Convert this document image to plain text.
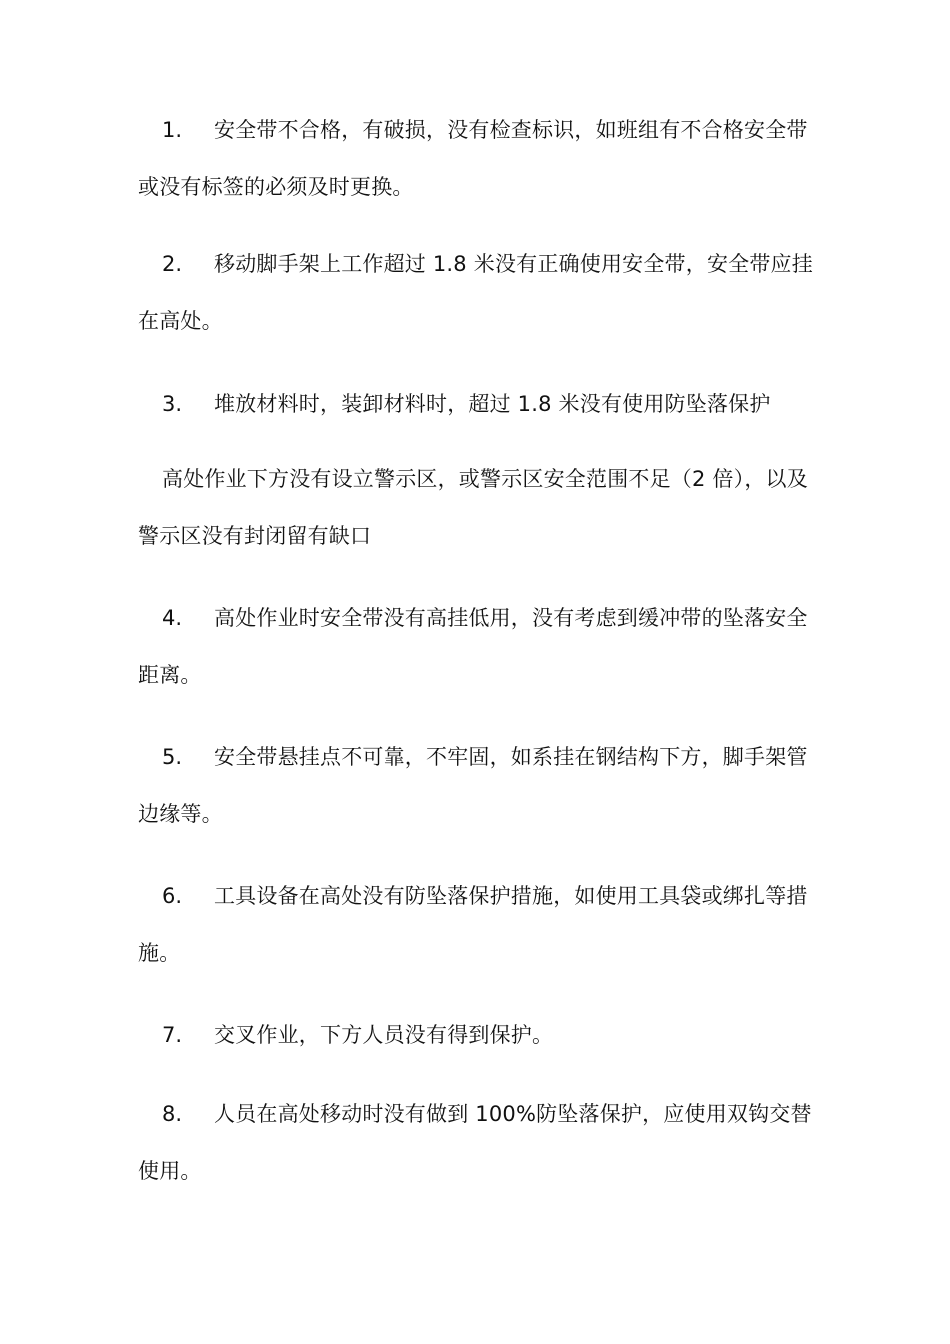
1. 安全带不合格，有破损，没有检查标识，如班组有不合格安全带或没有标签的必须及时更换。

2. 移动脚手架上工作超过 1.8 米没有正确使用安全带，安全带应挂在高处。

3. 堆放材料时，装卸材料时，超过 1.8 米没有使用防坠落保护

高处作业下方没有设立警示区，或警示区安全范围不足（2 倍），以及警示区没有封闭留有缺口

4. 高处作业时安全带没有高挂低用，没有考虑到缓冲带的坠落安全距离。

5. 安全带悬挂点不可靠，不牢固，如系挂在钢结构下方，脚手架管边缘等。

6. 工具设备在高处没有防坠落保护措施，如使用工具袋或绑扎等措施。

7. 交叉作业，下方人员没有得到保护。

8. 人员在高处移动时没有做到 100%防坠落保护，应使用双钩交替使用。
